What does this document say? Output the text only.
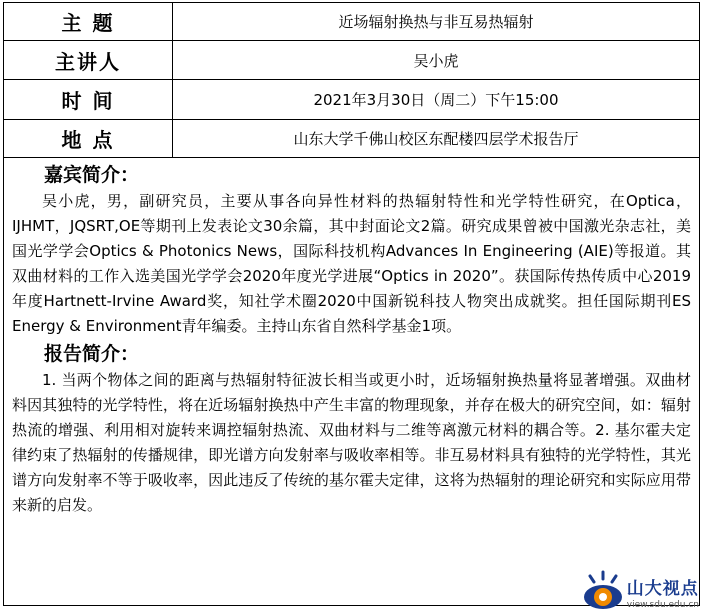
主 题	近场辐射换热与非互易热辐射
主讲人	吴小虎
时 间	2021年3月30日（周二）下午15:00
地 点	山东大学千佛山校区东配楼四层学术报告厅
嘉宾简介：

吴小虎，男，副研究员，主要从事各向异性材料的热辐射特性和光学特性研究，在Optica，IJHMT，JQSRT,OE等期刊上发表论文30余篇，其中封面论文2篇。研究成果曾被中国激光杂志社，美国光学学会Optics & Photonics News，国际科技机构Advances In Engineering (AIE)等报道。其双曲材料的工作入选美国光学学会2020年度光学进展“Optics in 2020”。获国际传热传质中心2019年度Hartnett-Irvine Award奖，知社学术圈2020中国新锐科技人物突出成就奖。担任国际期刊ES Energy & Environment青年编委。主持山东省自然科学基金1项。

报告简介：

1. 当两个物体之间的距离与热辐射特征波长相当或更小时，近场辐射换热量将显著增强。双曲材料因其独特的光学特性，将在近场辐射换热中产生丰富的物理现象，并存在极大的研究空间，如：辐射热流的增强、利用相对旋转来调控辐射热流、双曲材料与二维等离激元材料的耦合等。2. 基尔霍夫定律约束了热辐射的传播规律，即光谱方向发射率与吸收率相等。非互易材料具有独特的光学特性，其光谱方向发射率不等于吸收率，因此违反了传统的基尔霍夫定律，这将为热辐射的理论研究和实际应用带来新的启发。

山大视点
view.sdu.edu.cn
